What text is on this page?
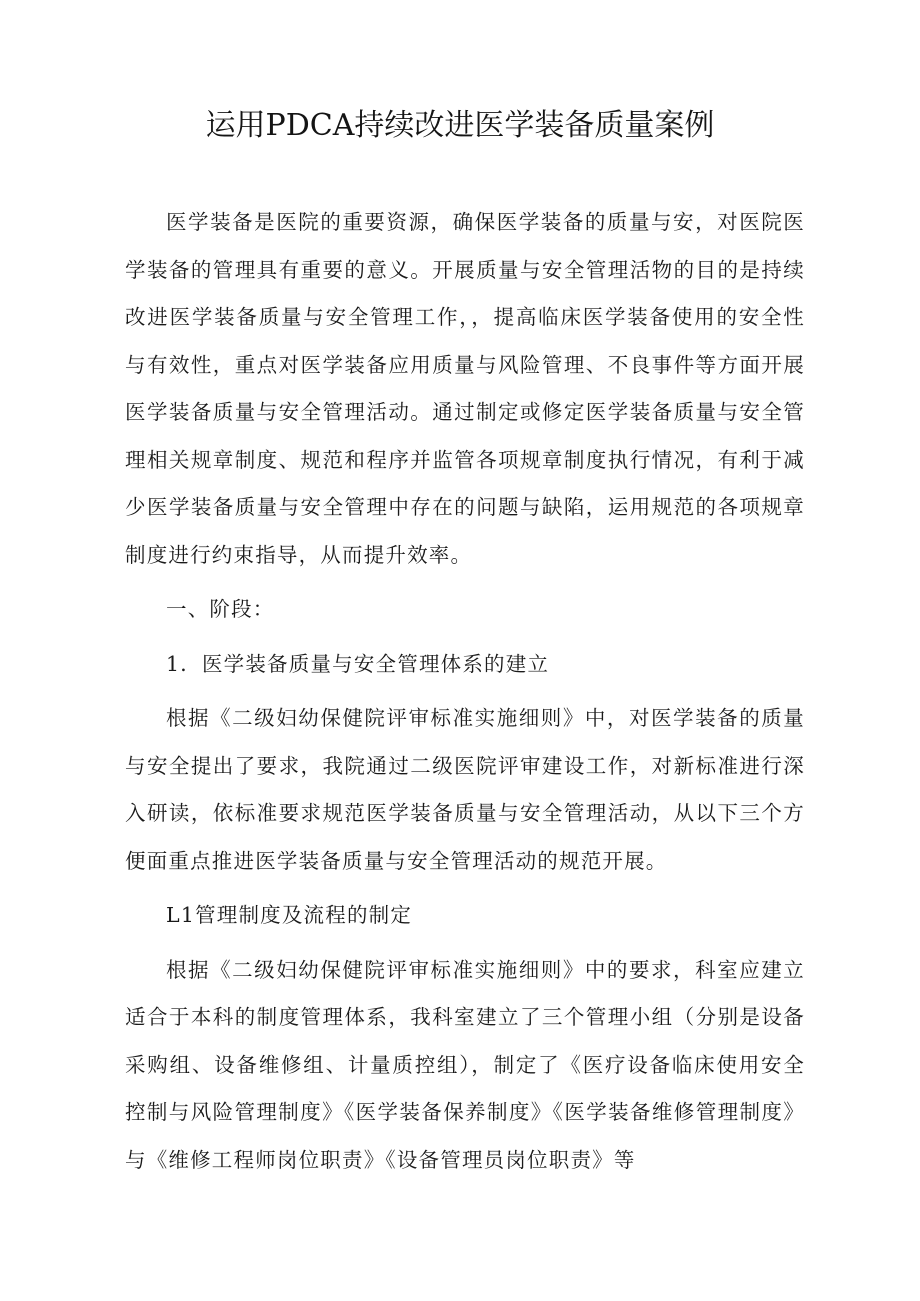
运用PDCA持续改进医学装备质量案例

医学装备是医院的重要资源，确保医学装备的质量与安，对医院医学装备的管理具有重要的意义。开展质量与安全管理活物的目的是持续改进医学装备质量与安全管理工作，，提高临床医学装备使用的安全性与有效性，重点对医学装备应用质量与风险管理、不良事件等方面开展医学装备质量与安全管理活动。通过制定或修定医学装备质量与安全管理相关规章制度、规范和程序并监管各项规章制度执行情况，有利于减少医学装备质量与安全管理中存在的问题与缺陷，运用规范的各项规章制度进行约束指导，从而提升效率。

一、阶段：

1．医学装备质量与安全管理体系的建立

根据《二级妇幼保健院评审标准实施细则》中，对医学装备的质量与安全提出了要求，我院通过二级医院评审建设工作，对新标准进行深入研读，依标准要求规范医学装备质量与安全管理活动，从以下三个方便面重点推进医学装备质量与安全管理活动的规范开展。

L1管理制度及流程的制定

根据《二级妇幼保健院评审标准实施细则》中的要求，科室应建立适合于本科的制度管理体系，我科室建立了三个管理小组（分别是设备采购组、设备维修组、计量质控组），制定了《医疗设备临床使用安全控制与风险管理制度》《医学装备保养制度》《医学装备维修管理制度》与《维修工程师岗位职责》《设备管理员岗位职责》等
